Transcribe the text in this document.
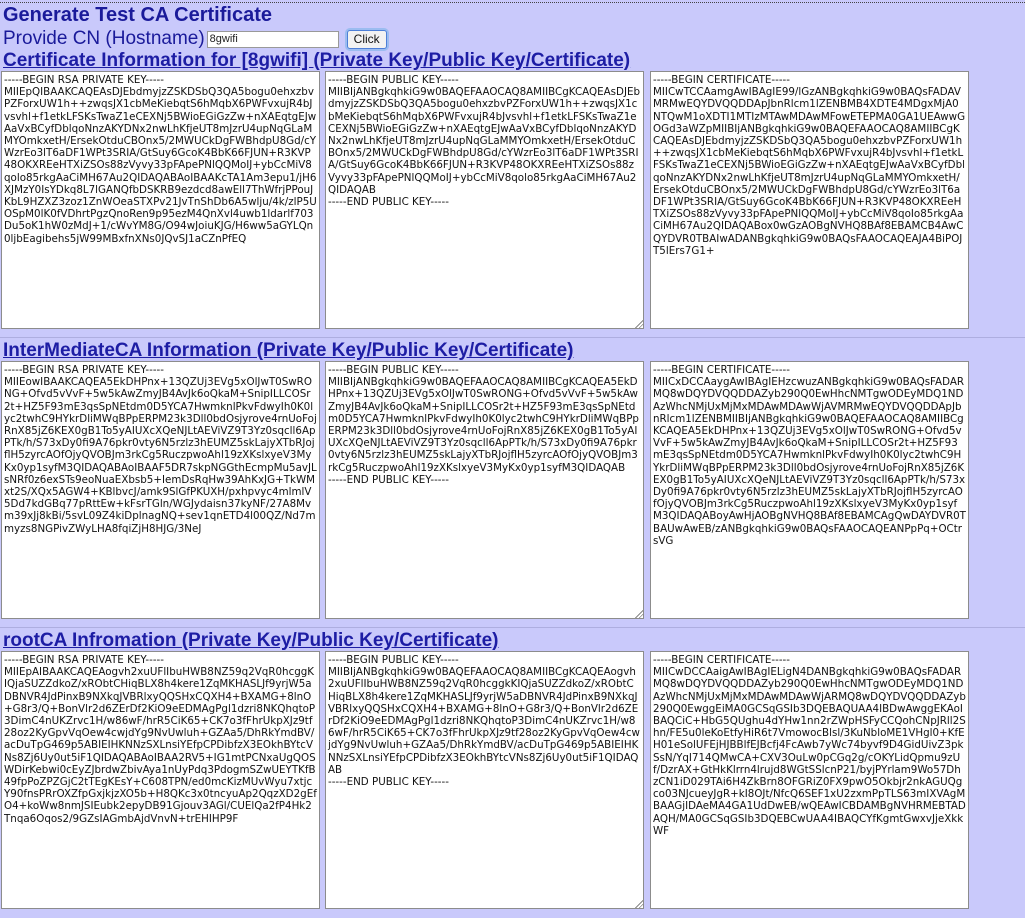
Generate Test CA Certificate
Provide CN (Hostname)
8gwifi	Click
Certificate Information for [8gwifi] (Private Key/Public Key/Certificate)
-----BEGIN RSA PRIVATE KEY-----
MIIEpQIBAAKCAQEAsDJEbdmyjzZSKDSbQ3QA5bogu0ehxzbvPZForxUW1h++zwqsJX1cbMeKiebqtS6hMqbX6PWFvxujR4bJvsvhl+f1etkLFSKsTwaZ1eCEXNj5BWioEGiGzZw+nXAEqtgEJwAaVxBCyfDblqoNnzAKYDNx2nwLhKfjeUT8mJzrU4upNqGLaMMYOmkxetH/ErsekOtduCBOnx5/2MWUCkDgFWBhdpU8Gd/cYWzrEo3lT6aDF1WPt3SRIA/GtSuy6GcoK4BbK66FJUN+R3KVP48OKXREeHTXiZSOs88zVyvy33pFApePNlQQMoIJ+ybCcMiV8qolo85rkgAaCiMH67Au2QIDAQABAoIBAAKcTA1Am3epu1/jH6XJMzY0IsYDkq8L7lGANQfbDSKRB9ezdcd8awEll7ThWfrjPPouJKbL9HZXZ3zoz1ZnWOeaSTXPv21JvTnShDb6A5wlju/4k/zlP5UOSpM0lK0fVDhrtPgzQnoRen9p95ezM4QnXvl4uwb1ldarlf703Du5oK1hW0zMdJ+1/cWvYM8G/O94wJoiuKJG/H6ww5aGYLQn0ljbEagibehs5jW99MBxfnXNs0JQvSJ1aCZnPfEQ
-----BEGIN PUBLIC KEY-----
MIIBIjANBgkqhkiG9w0BAQEFAAOCAQ8AMIIBCgKCAQEAsDJEbdmyjzZSKDSbQ3QA5bogu0ehxzbvPZForxUW1h++zwqsJX1cbMeKiebqtS6hMqbX6PWFvxujR4bJvsvhl+f1etkLFSKsTwaZ1eCEXNj5BWioEGiGzZw+nXAEqtgEJwAaVxBCyfDblqoNnzAKYDNx2nwLhKfjeUT8mJzrU4upNqGLaMMYOmkxetH/ErsekOtduCBOnx5/2MWUCkDgFWBhdpU8Gd/cYWzrEo3lT6aDF1WPt3SRIA/GtSuy6GcoK4BbK66FJUN+R3KVP48OKXREeHTXiZSOs88zVyvy33pFApePNlQQMoIJ+ybCcMiV8qolo85rkgAaCiMH67Au2QIDAQAB
-----END PUBLIC KEY-----
-----BEGIN CERTIFICATE-----
MIICwTCCAamgAwIBAgIE99/lGzANBgkqhkiG9w0BAQsFADAVMRMwEQYDVQQDDApJbnRlcm1lZENBMB4XDTE4MDgxMjA0NTQwM1oXDTI1MTIzMTAwMDAwMFowETEPMA0GA1UEAwwGOGd3aWZpMIIBIjANBgkqhkiG9w0BAQEFAAOCAQ8AMIIBCgKCAQEAsDJEbdmyjzZSKDSbQ3QA5bogu0ehxzbvPZForxUW1h++zwqsJX1cbMeKiebqtS6hMqbX6PWFvxujR4bJvsvhl+f1etkLFSKsTwaZ1eCEXNj5BWioEGiGzZw+nXAEqtgEJwAaVxBCyfDblqoNnzAKYDNx2nwLhKfjeUT8mJzrU4upNqGLaMMYOmkxetH/ErsekOtduCBOnx5/2MWUCkDgFWBhdpU8Gd/cYWzrEo3lT6aDF1WPt3SRIA/GtSuy6GcoK4BbK66FJUN+R3KVP48OKXREeHTXiZSOs88zVyvy33pFApePNlQQMoIJ+ybCcMiV8qoIo85rkgAaCiMH67Au2QIDAQABox0wGzAOBgNVHQ8BAf8EBAMCB4AwCQYDVR0TBAIwADANBgkqhkiG9w0BAQsFAAOCAQEAJA4BiPOJT5lErs7G1+
InterMediateCA Information (Private Key/Public Key/Certificate)
-----BEGIN RSA PRIVATE KEY-----
MIIEowIBAAKCAQEA5EkDHPnx+13QZUj3EVg5xOlJwT0SwRONG+Ofvd5vVvF+5w5kAwZmyJB4AvJk6oQkaM+SnipILLCOSr2t+HZ5F93mE3qsSpNEtdm0D5YCA7HwmknlPkvFdwyIh0K0lyc2twhC9HYkrDliMWqBPpERPM23k3Dll0bdOsjyrove4rnUoFojRnX85jZ6KEX0gB1To5yAIUXcXQeNJLtAEViVZ9T3Yz0sqcll6ApPTk/h/S73xDy0fi9A76pkr0vty6N5rzlz3hEUMZ5skLajyXTbRJojflH5zyrcAOfOjyQVOBJm3rkCg5RuczpwoAhl19zXKslxyeV3MyKx0yp1syfM3QIDAQABAoIBAAF5DR7skpNGGthEcmpMu5avJLsNRf0z6exSTs9eoNuaEXbsb5+IemDsRqHw39AhKxJG+TkWMxt2S/XQx5AGW4+KBlbvcJ/amk9SlGfPKUXH/pxhpvyc4mlmlV5Dd7kdGBq77pRttEw+kFsrTGln/WGJydaisn37kyNF/27A8Mvm39xJj8kBi/5svL09Z4kiDplnagNQ+sev1qnETD4l00QZ/Nd7mmyzs8NGPivZWyLHA8fqiZjH8HJG/3NeJ
-----BEGIN PUBLIC KEY-----
MIIBIjANBgkqhkiG9w0BAQEFAAOCAQ8AMIIBCgKCAQEA5EkDHPnx+13QZUj3EVg5xOlJwT0SwRONG+Ofvd5vVvF+5w5kAwZmyJB4AvJk6oQkaM+SnipILLCOSr2t+HZ5F93mE3qsSpNEtdm0D5YCA7HwmknlPkvFdwyIh0K0lyc2twhC9HYkrDliMWqBPpERPM23k3Dll0bdOsjyrove4rnUoFojRnX85jZ6KEX0gB1To5yAIUXcXQeNJLtAEViVZ9T3Yz0sqcll6ApPTk/h/S73xDy0fi9A76pkr0vty6N5rzlz3hEUMZ5skLajyXTbRJojflH5zyrcAOfOjyQVOBJm3rkCg5RuczpwoAhl19zXKslxyeV3MyKx0yp1syfM3QIDAQAB
-----END PUBLIC KEY-----
-----BEGIN CERTIFICATE-----
MIICxDCCAaygAwIBAgIEHzcwuzANBgkqhkiG9w0BAQsFADARMQ8wDQYDVQQDDAZyb290Q0EwHhcNMTgwODEyMDQ1NDAzWhcNMjUxMjMxMDAwMDAwWjAVMRMwEQYDVQQDDApJbnRlcm1lZENBMIIBIjANBgkqhkiG9w0BAQEFAAOCAQ8AMIIBCgKCAQEA5EkDHPnx+13QZUj3EVg5xOlJwT0SwRONG+Ofvd5vVvF+5w5kAwZmyJB4AvJk6oQkaM+SnipILLCOSr2t+HZ5F93mE3qsSpNEtdm0D5YCA7HwmknlPkvFdwyIh0K0lyc2twhC9HYkrDliMWqBPpERPM23k3Dll0bdOsjyrove4rnUoFojRnX85jZ6KEX0gB1To5yAIUXcXQeNJLtAEViVZ9T3Yz0sqcll6ApPTk/h/S73xDy0fi9A76pkr0vty6N5rzlz3hEUMZ5skLajyXTbRJojflH5zyrcAOfOjyQVOBJm3rkCg5RuczpwoAhl19zXKslxyeV3MyKx0yp1syfM3QIDAQABoyAwHjAOBgNVHQ8BAf8EBAMCAgQwDAYDVR0TBAUwAwEB/zANBgkqhkiG9w0BAQsFAAOCAQEANPpPq+OCtrsVG
rootCA Infromation (Private Key/Public Key/Certificate)
-----BEGIN RSA PRIVATE KEY-----
MIIEpAIBAAKCAQEAogvh2xuUFlIbuHWB8NZ59q2VqR0hcggKIQjaSUZZdkoZ/xRObtCHiqBLX8h4kere1ZqMKHASLJf9yrjW5aDBNVR4JdPinxB9NXkqJVBRlxyQQSHxCQXH4+BXAMG+8lnO+G8r3/Q+BonVlr2d6ZErDf2KiO9eEDMAgPgl1dzri8NKQhqtoP3DimC4nUKZrvc1H/w86wF/hrR5CiK65+CK7o3fFhrUkpXJz9tf28oz2KyGpvVqOew4cwjdYg9NvUwluh+GZAa5/DhRkYmdBV/acDuTpG469p5ABIEIHKNNzSXLnsiYEfpCPDibfzX3EOkhBYtcVNs8Zj6Uy0ut5iF1QIDAQABAoIBAA2RV5+IG1mtPCNxaUgQOSWDirKebwi0cEyZJbrdwZbivAya1nUyPdq3PdogmSZwUEYTKfB49fpPoZPZGjC2tTEgKEsY+C608TPN/ed0mcKizMUvWyu7xtjcY90fnsPRrOXZfpGxjkjzXO5b+H8QKc3x0tncyuAp2QqzXD2gEfO4+koWw8nmJSIEubk2epyDB91Gjouv3AGl/CUElQa2fP4Hk2Tnqa6Oqos2/9GZsIAGmbAjdVnvN+trEHIHP9F
-----BEGIN PUBLIC KEY-----
MIIBIjANBgkqhkiG9w0BAQEFAAOCAQ8AMIIBCgKCAQEAogvh2xuUFlIbuHWB8NZ59q2VqR0hcggkKIQjaSUZZdkoZ/xRObtCHiqBLX8h4kere1ZqMKHASLJf9yrjW5aDBNVR4JdPinxB9NXkqJVBRlxyQQSHxCQXH4+BXAMG+8lnO+G8r3/Q+BonVlr2d6ZErDf2KiO9eEDMAgPgl1dzri8NKQhqtoP3DimC4nUKZrvc1H/w86wF/hrR5CiK65+CK7o3fFhrUkpXJz9tf28oz2KyGpvVqOew4cwjdYg9NvUwluh+GZAa5/DhRkYmdBV/acDuTpG469p5ABIEIHKNNzSXLnsiYEfpCPDibfzX3EOkhBYtcVNs8Zj6Uy0ut5iF1QIDAQAB
-----END PUBLIC KEY-----
-----BEGIN CERTIFICATE-----
MIICwDCCAaigAwIBAgIELigN4DANBgkqhkiG9w0BAQsFADARMQ8wDQYDVQQDDAZyb290Q0EwHhcNMTgwODEyMDQ1NDAzWhcNMjUxMjMxMDAwMDAwWjARMQ8wDQYDVQQDDAZyb290Q0EwggEiMA0GCSqGSIb3DQEBAQUAA4IBDwAwggEKAoIBAQCiC+HbG5QUghu4dYHw1nn2rZWpHSFyCCQohCNpJRll2Shn/FE5u0leKoEtfyHiR6t7VmowocBlsl/3KuNbloME1VHgl0+KfEH01eSolUFEjHJBBlfEJBcfj4FcAwb7yWc74byvf9D4GidUivZ3pkSsN/YqI714QMwCA+CXV3OuLw0pCGq2g/cOKYLidQpmu9zUf/DzrAX+GtHkKlrrn4lrujd8WGtSSlcnP21/byjPYrlam9Wo57DhzCN1iD029TAi6H4ZkBrn8OFGRiZ0FX9pwO5Okbjr2nkAGUQgco03NJcueyJgR+kI8OJt/NfcQ6SEF1xU2zxmPpTLS63mIXVAgMBAAGjIDAeMA4GA1UdDwEB/wQEAwICBDAMBgNVHRMEBTADAQH/MA0GCSqGSIb3DQEBCwUAA4IBAQCYfKgmtGwxvJjeXkkWF
